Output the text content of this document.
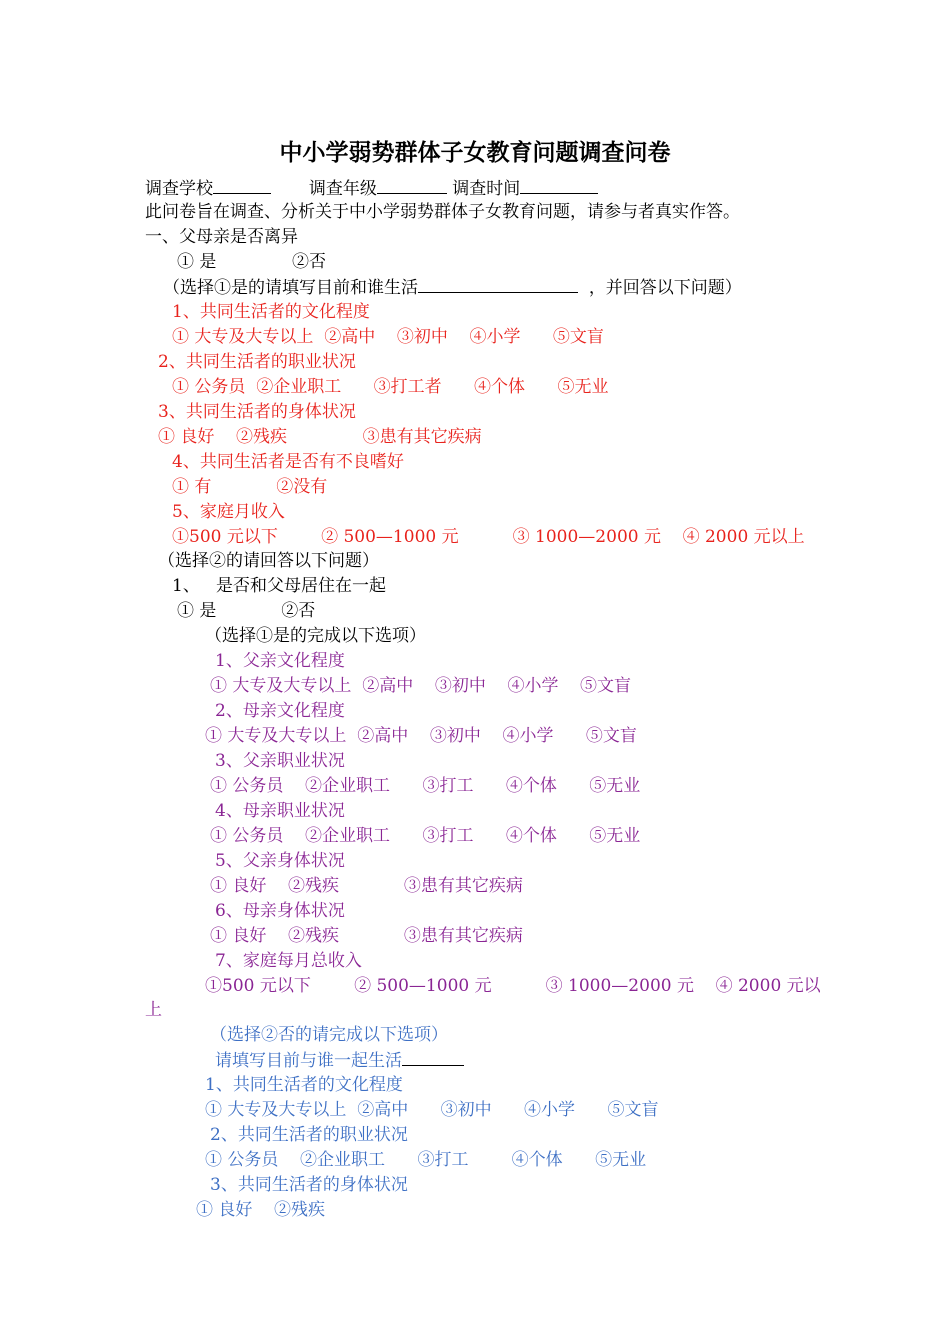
中小学弱势群体子女教育问题调查问卷
调查学校	调查年级	调查时间
此问卷旨在调查、分析关于中小学弱势群体子女教育问题，请参与者真实作答。
一、父母亲是否离异
① 是              ②否
（选择①是的请填写目前和谁生活	，并回答以下问题）
1、共同生活者的文化程度
① 大专及大专以上  ②高中    ③初中    ④小学      ⑤文盲
2、共同生活者的职业状况
① 公务员  ②企业职工      ③打工者      ④个体      ⑤无业
3、共同生活者的身体状况
① 良好    ②残疾              ③患有其它疾病
4、共同生活者是否有不良嗜好
① 有            ②没有
5、家庭月收入
①500 元以下        ② 500—1000 元          ③ 1000—2000 元    ④ 2000 元以上
（选择②的请回答以下问题）
1、   是否和父母居住在一起
① 是            ②否
（选择①是的完成以下选项）
1、父亲文化程度
① 大专及大专以上  ②高中    ③初中    ④小学    ⑤文盲
2、母亲文化程度
① 大专及大专以上  ②高中    ③初中    ④小学      ⑤文盲
3、父亲职业状况
① 公务员    ②企业职工      ③打工      ④个体      ⑤无业
4、母亲职业状况
① 公务员    ②企业职工      ③打工      ④个体      ⑤无业
5、父亲身体状况
① 良好    ②残疾            ③患有其它疾病
6、母亲身体状况
① 良好    ②残疾            ③患有其它疾病
7、家庭每月总收入
①500 元以下        ② 500—1000 元          ③ 1000—2000 元    ④ 2000 元以
上
（选择②否的请完成以下选项）
请填写目前与谁一起生活
1、共同生活者的文化程度
① 大专及大专以上  ②高中      ③初中      ④小学      ⑤文盲
2、共同生活者的职业状况
① 公务员    ②企业职工      ③打工        ④个体      ⑤无业
3、共同生活者的身体状况
① 良好    ②残疾
